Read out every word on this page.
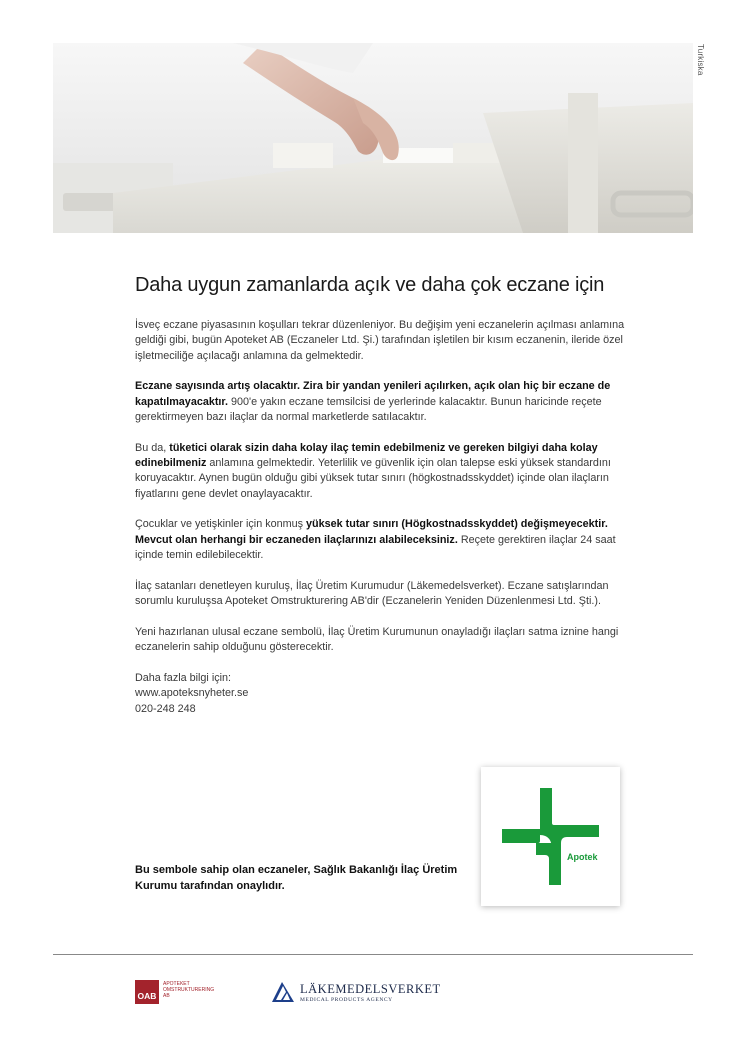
Turkiska
Daha uygun zamanlarda açık ve daha çok eczane için

İsveç eczane piyasasının koşulları tekrar düzenleniyor. Bu değişim yeni eczanelerin açılması anlamına geldiği gibi, bugün Apoteket AB (Eczaneler Ltd. Şi.) tarafından işletilen bir kısım eczanenin, ileride özel işletmeciliğe açılacağı anlamına da gelmektedir.

Eczane sayısında artış olacaktır. Zira bir yandan yenileri açılırken, açık olan hiç bir eczane de kapatılmayacaktır. 900'e yakın eczane temsilcisi de yerlerinde kalacaktır. Bunun haricinde reçete gerektirmeyen bazı ilaçlar da normal marketlerde satılacaktır.

Bu da, tüketici olarak sizin daha kolay ilaç temin edebilmeniz ve gereken bilgiyi daha kolay edinebilmeniz anlamına gelmektedir. Yeterlilik ve güvenlik için olan talepse eski yüksek standardını koruyacaktır. Aynen bugün olduğu gibi yüksek tutar sınırı (högkostnadsskyddet) içinde olan ilaçların fiyatlarını gene devlet onaylayacaktır.

Çocuklar ve yetişkinler için konmuş yüksek tutar sınırı (Högkostnadsskyddet) değişmeyecektir. Mevcut olan herhangi bir eczaneden ilaçlarınızı alabileceksiniz. Reçete gerektiren ilaçlar 24 saat içinde temin edilebilecektir.

İlaç satanları denetleyen kuruluş, İlaç Üretim Kurumudur (Läkemedelsverket). Eczane satışlarından sorumlu kuruluşsa Apoteket Omstrukturering AB'dir (Eczanelerin Yeniden Düzenlenmesi Ltd. Şti.).

Yeni hazırlanan ulusal eczane sembolü, İlaç Üretim Kurumunun onayladığı ilaçları satma iznine hangi eczanelerin sahip olduğunu gösterecektir.

Daha fazla bilgi için:
www.apoteksnyheter.se
020-248 248
Bu sembole sahip olan eczaneler, Sağlık Bakanlığı İlaç Üretim Kurumu tarafından onaylıdır.
Apotek
OAB
APOTEKET
OMSTRUKTURERING
AB	LÄKEMEDELSVERKET
MEDICAL PRODUCTS AGENCY
